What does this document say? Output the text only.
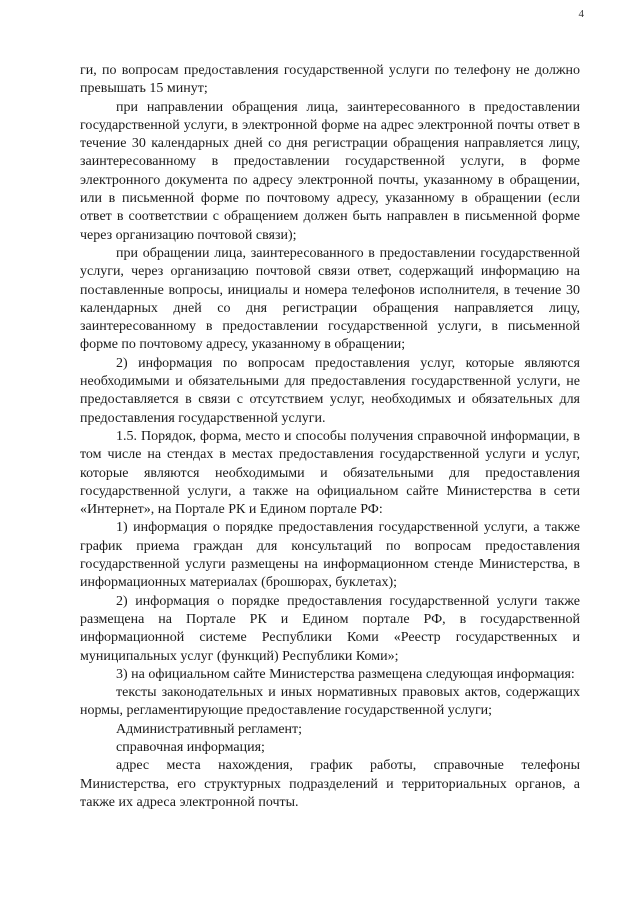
4

ги, по вопросам предоставления государственной услуги по телефону не должно превышать 15 минут;

при направлении обращения лица, заинтересованного в предоставлении государственной услуги, в электронной форме на адрес электронной почты ответ в течение 30 календарных дней со дня регистрации обращения направляется лицу, заинтересованному в предоставлении государственной услуги, в форме электронного документа по адресу электронной почты, указанному в обращении, или в письменной форме по почтовому адресу, указанному в обращении (если ответ в соответствии с обращением должен быть направлен в письменной форме через организацию почтовой связи);

при обращении лица, заинтересованного в предоставлении государственной услуги, через организацию почтовой связи ответ, содержащий информацию на поставленные вопросы, инициалы и номера телефонов исполнителя, в течение 30 календарных дней со дня регистрации обращения направляется лицу, заинтересованному в предоставлении государственной услуги, в письменной форме по почтовому адресу, указанному в обращении;

2) информация по вопросам предоставления услуг, которые являются необходимыми и обязательными для предоставления государственной услуги, не предоставляется в связи с отсутствием услуг, необходимых и обязательных для предоставления государственной услуги.

1.5. Порядок, форма, место и способы получения справочной информации, в том числе на стендах в местах предоставления государственной услуги и услуг, которые являются необходимыми и обязательными для предоставления государственной услуги, а также на официальном сайте Министерства в сети «Интернет», на Портале РК и Едином портале РФ:

1) информация о порядке предоставления государственной услуги, а также график приема граждан для консультаций по вопросам предоставления государственной услуги размещены на информационном стенде Министерства, в информационных материалах (брошюрах, буклетах);

2) информация о порядке предоставления государственной услуги также размещена на Портале РК и Едином портале РФ, в государственной информационной системе Республики Коми «Реестр государственных и муниципальных услуг (функций) Республики Коми»;

3) на официальном сайте Министерства размещена следующая информация:

тексты законодательных и иных нормативных правовых актов, содержащих нормы, регламентирующие предоставление государственной услуги;

Административный регламент;

справочная информация;

адрес места нахождения, график работы, справочные телефоны Министерства, его структурных подразделений и территориальных органов, а также их адреса электронной почты.
